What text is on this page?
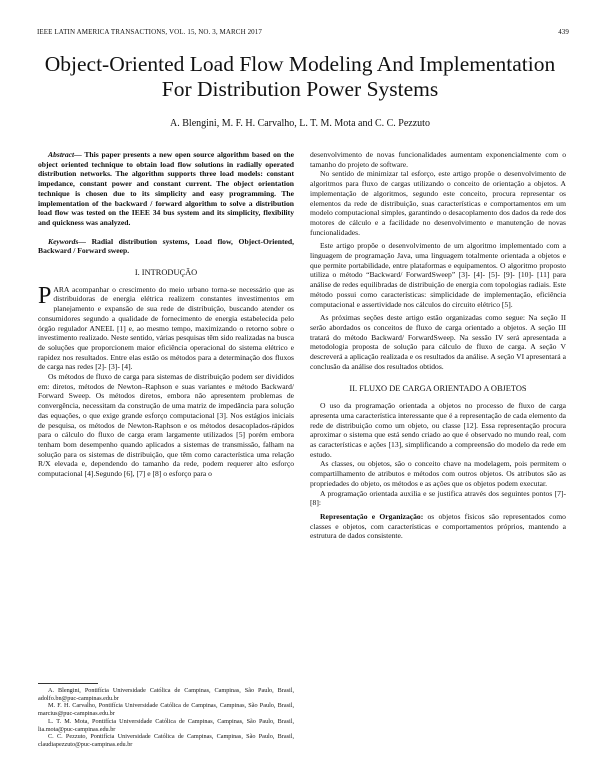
IEEE LATIN AMERICA TRANSACTIONS, VOL. 15, NO. 3, MARCH 2017	439
Object-Oriented Load Flow Modeling And Implementation For Distribution Power Systems
A. Blengini, M. F. H. Carvalho, L. T. M. Mota and C. C. Pezzuto

Abstract— This paper presents a new open source algorithm based on the object oriented technique to obtain load flow solutions in radially operated distribution networks. The algorithm supports three load models: constant impedance, constant power and constant current. The object orientation technique is chosen due to its simplicity and easy programming. The implementation of the backward / forward algorithm to solve a distribution load flow was tested on the IEEE 34 bus system and its simplicity, flexibility and quickness was analyzed.

Keywords— Radial distribution systems, Load flow, Object-Oriented, Backward / Forward sweep.

I. INTRODUÇÃO

PARA acompanhar o crescimento do meio urbano torna-se necessário que as distribuidoras de energia elétrica realizem constantes investimentos em planejamento e expansão de sua rede de distribuição, buscando atender os consumidores segundo a qualidade de fornecimento de energia estabelecida pelo órgão regulador ANEEL [1] e, ao mesmo tempo, maximizando o retorno sobre o investimento realizado. Neste sentido, várias pesquisas têm sido realizadas na busca de soluções que proporcionem maior eficiência operacional do sistema elétrico e rapidez nos resultados. Entre elas estão os métodos para a determinação dos fluxos de carga nas redes [2]- [3]- [4].

Os métodos de fluxo de carga para sistemas de distribuição podem ser divididos em: diretos, métodos de Newton–Raphson e suas variantes e método Backward/ Forward Sweep. Os métodos diretos, embora não apresentem problemas de convergência, necessitam da construção de uma matriz de impedância para solução das equações, o que exige grande esforço computacional [3]. Nos estágios iniciais de pesquisa, os métodos de Newton-Raphson e os métodos desacoplados-rápidos para o cálculo do fluxo de carga eram largamente utilizados [5] porém embora tenham bom desempenho quando aplicados a sistemas de transmissão, falham na solução para os sistemas de distribuição, que têm como característica uma relação R/X elevada e, dependendo do tamanho da rede, podem requerer alto esforço computacional [4].Segundo [6], [7] e [8] o esforço para o

A. Blengini, Pontifícia Universidade Católica de Campinas, Campinas, São Paulo, Brasil, adolfo.bn@puc-campinas.edu.br

M. F. H. Carvalho, Pontifícia Universidade Católica de Campinas, Campinas, São Paulo, Brasil, marcius@puc-campinas.edu.br

L. T. M. Mota, Pontifícia Universidade Católica de Campinas, Campinas, São Paulo, Brasil, lia.mota@puc-campinas.edu.br

C. C. Pezzuto, Pontifícia Universidade Católica de Campinas, Campinas, São Paulo, Brasil, claudiapezzuto@puc-campinas.edu.br

desenvolvimento de novas funcionalidades aumentam exponencialmente com o tamanho do projeto de software.

No sentido de minimizar tal esforço, este artigo propõe o desenvolvimento de algoritmos para fluxo de cargas utilizando o conceito de orientação a objetos. A implementação de algoritmos, segundo este conceito, procura representar os elementos da rede de distribuição, suas características e comportamentos em um modelo computacional simples, garantindo o desacoplamento dos dados da rede dos motores de cálculo e a facilidade no desenvolvimento e manutenção de novas funcionalidades.

Este artigo propõe o desenvolvimento de um algoritmo implementado com a linguagem de programação Java, uma linguagem totalmente orientada a objetos e que permite portabilidade, entre plataformas e equipamentos. O algoritmo proposto utiliza o método “Backward/ ForwardSweep” [3]- [4]- [5]- [9]- [10]- [11] para análise de redes equilibradas de distribuição de energia com topologias radiais. Este método possui como características: simplicidade de implementação, eficiência computacional e assertividade nos cálculos do circuito elétrico [5].

As próximas seções deste artigo estão organizadas como segue: Na seção II serão abordados os conceitos de fluxo de carga orientado a objetos. A seção III tratará do método Backward/ ForwardSweep. Na sessão IV será apresentada a metodologia proposta de solução para cálculo de fluxo de carga. A seção V descreverá a aplicação realizada e os resultados da análise. A seção VI apresentará a conclusão da análise dos resultados obtidos.

II. FLUXO DE CARGA ORIENTADO A OBJETOS

O uso da programação orientada a objetos no processo de fluxo de carga apresenta uma característica interessante que é a representação de cada elemento da rede de distribuição como um objeto, ou classe [12]. Essa representação procura aproximar o sistema que está sendo criado ao que é observado no mundo real, com as características e ações [13], simplificando a compreensão do modelo da rede em estudo.

As classes, ou objetos, são o conceito chave na modelagem, pois permitem o compartilhamento de atributos e métodos com outros objetos. Os atributos são as propriedades do objeto, os métodos e as ações que os objetos podem executar.

A programação orientada auxilia e se justifica através dos seguintes pontos [7]- [8]:

Representação e Organização: os objetos físicos são representados como classes e objetos, com características e comportamentos próprios, mantendo a estrutura de dados consistente.
